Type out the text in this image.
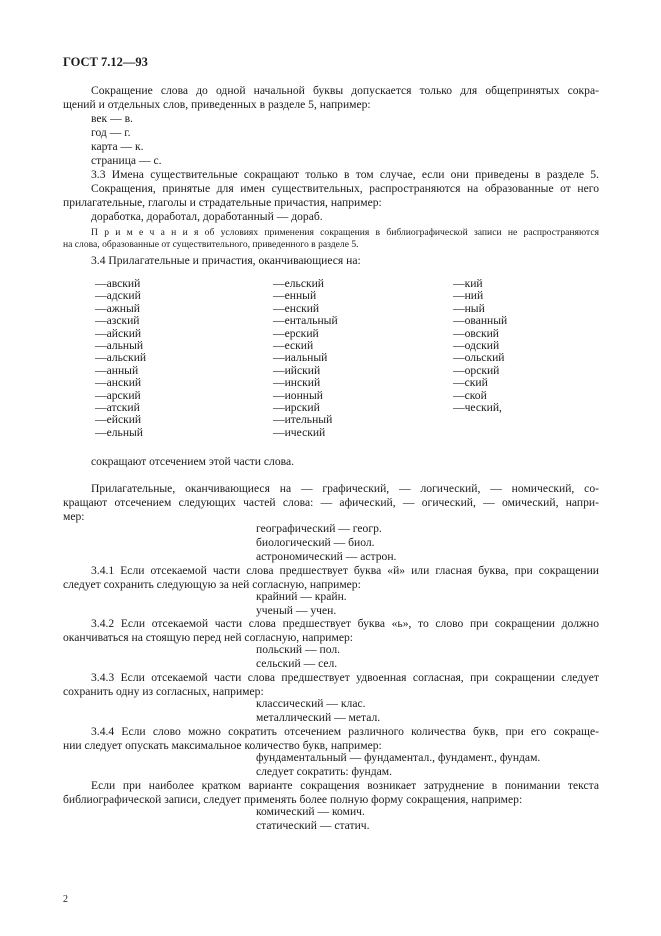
ГОСТ 7.12—93
Сокращение слова до одной начальной буквы допускается только для общепринятых сокра-
щений и отдельных слов, приведенных в разделе 5, например:
век — в.
год — г.
карта — к.
страница — с.
3.3 Имена существительные сокращают только в том случае, если они приведены в разделе 5.
Сокращения, принятые для имен существительных, распространяются на образованные от него
прилагательные, глаголы и страдательные причастия, например:
доработка, доработал, доработанный — дораб.
П р и м е ч а н и я об условиях применения сокращения в библиографической записи не распространяются
на слова, образованные от существительного, приведенного в разделе 5.
3.4 Прилагательные и причастия, оканчивающиеся на:
—авский
—адский
—ажный
—азский
—айский
—альный
—альский
—анный
—анский
—арский
—атский
—ейский
—ельный
—ельский
—енный
—енский
—ентальный
—ерский
—еский
—иальный
—ийский
—инский
—ионный
—ирский
—ительный
—ический
—кий
—ний
—ный
—ованный
—овский
—одский
—ольский
—орский
—ский
—ской
—ческий,
сокращают отсечением этой части слова.
Прилагательные, оканчивающиеся на — графический, — логический, — номический, со-
кращают отсечением следующих частей слова: — афический, — огический, — омический, напри-
мер:
географический — геогр.
биологический — биол.
астрономический — астрон.
3.4.1 Если отсекаемой части слова предшествует буква «й» или гласная буква, при сокращении
следует сохранить следующую за ней согласную, например:
крайний — крайн.
ученый — учен.
3.4.2 Если отсекаемой части слова предшествует буква «ь», то слово при сокращении должно
оканчиваться на стоящую перед ней согласную, например:
польский — пол.
сельский — сел.
3.4.3 Если отсекаемой части слова предшествует удвоенная согласная, при сокращении следует
сохранить одну из согласных, например:
классический — клас.
металлический — метал.
3.4.4 Если слово можно сократить отсечением различного количества букв, при его сокраще-
нии следует опускать максимальное количество букв, например:
фундаментальный — фундаментал., фундамент., фундам.
следует сократить: фундам.
Если при наиболее кратком варианте сокращения возникает затруднение в понимании текста
библиографической записи, следует применять более полную форму сокращения, например:
комический — комич.
статический — статич.
2
